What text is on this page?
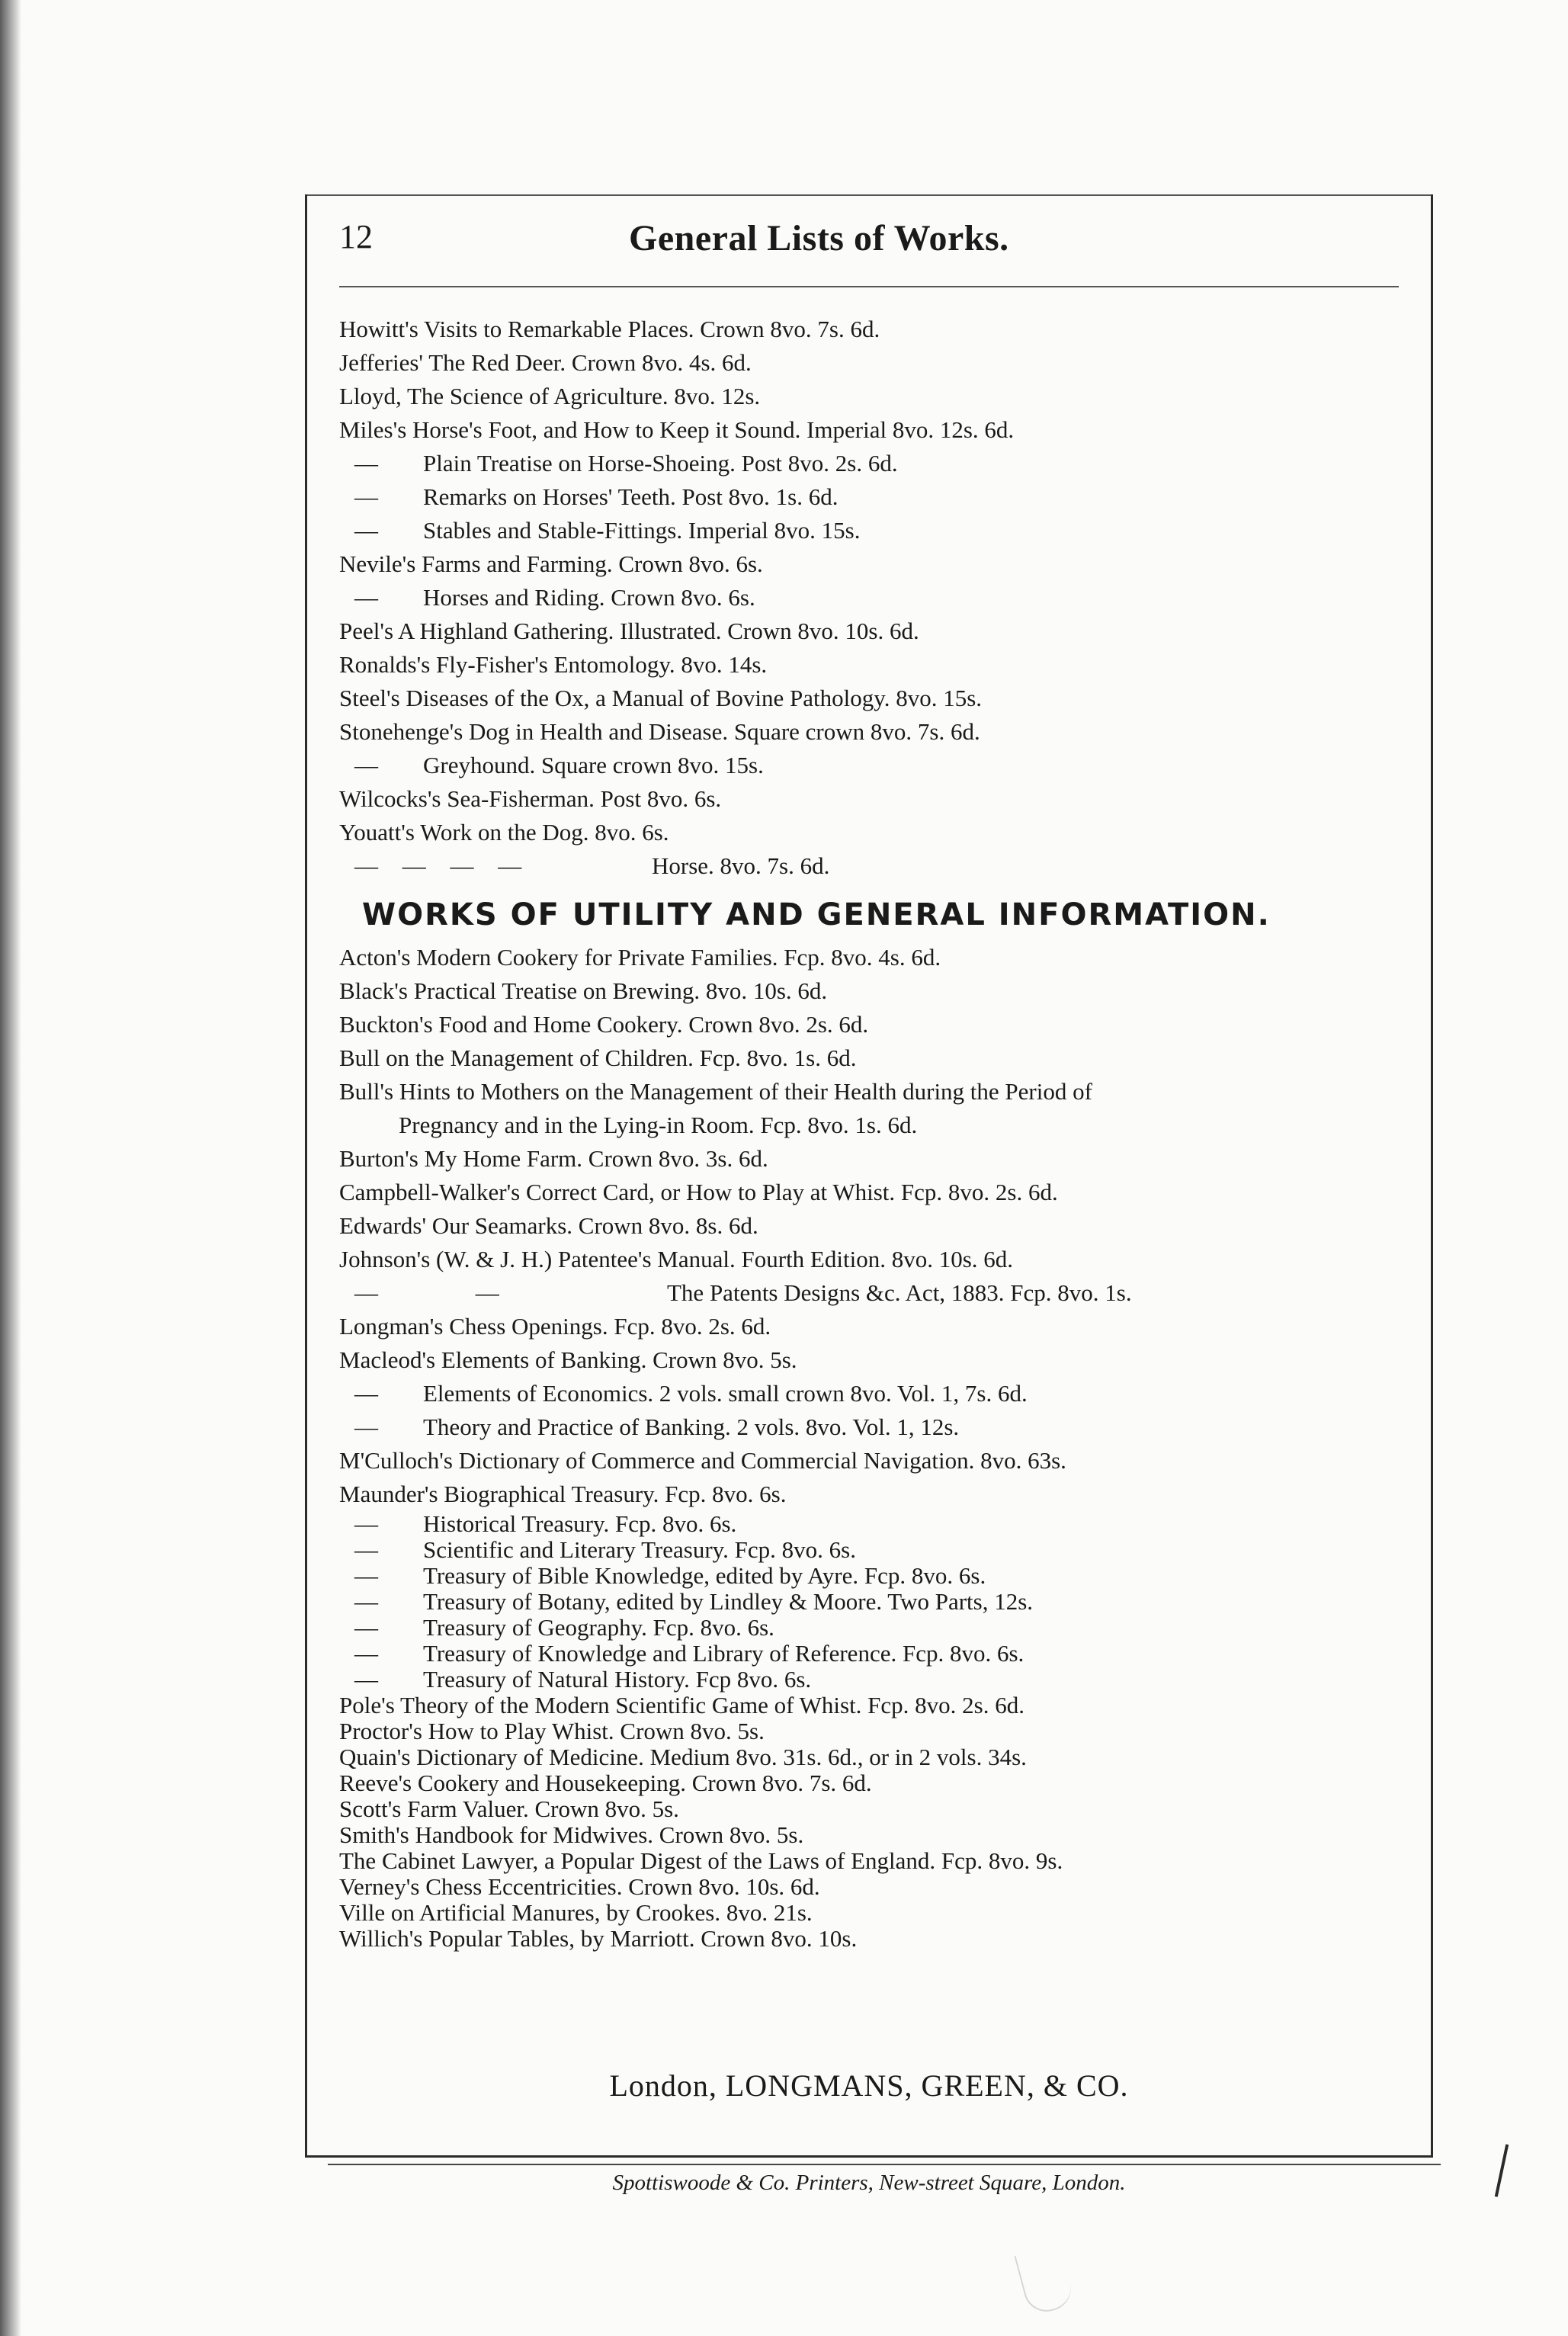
12	General Lists of Works.
Howitt's Visits to Remarkable Places. Crown 8vo. 7s. 6d.
Jefferies' The Red Deer. Crown 8vo. 4s. 6d.
Lloyd, The Science of Agriculture. 8vo. 12s.
Miles's Horse's Foot, and How to Keep it Sound. Imperial 8vo. 12s. 6d.
— Plain Treatise on Horse-Shoeing. Post 8vo. 2s. 6d.
— Remarks on Horses' Teeth. Post 8vo. 1s. 6d.
— Stables and Stable-Fittings. Imperial 8vo. 15s.
Nevile's Farms and Farming. Crown 8vo. 6s.
— Horses and Riding. Crown 8vo. 6s.
Peel's A Highland Gathering. Illustrated. Crown 8vo. 10s. 6d.
Ronalds's Fly-Fisher's Entomology. 8vo. 14s.
Steel's Diseases of the Ox, a Manual of Bovine Pathology. 8vo. 15s.
Stonehenge's Dog in Health and Disease. Square crown 8vo. 7s. 6d.
— Greyhound. Square crown 8vo. 15s.
Wilcocks's Sea-Fisherman. Post 8vo. 6s.
Youatt's Work on the Dog. 8vo. 6s.
— — — —	Horse. 8vo. 7s. 6d.
WORKS OF UTILITY AND GENERAL INFORMATION.
Acton's Modern Cookery for Private Families. Fcp. 8vo. 4s. 6d.
Black's Practical Treatise on Brewing. 8vo. 10s. 6d.
Buckton's Food and Home Cookery. Crown 8vo. 2s. 6d.
Bull on the Management of Children. Fcp. 8vo. 1s. 6d.
Bull's Hints to Mothers on the Management of their Health during the Period of
Pregnancy and in the Lying-in Room. Fcp. 8vo. 1s. 6d.
Burton's My Home Farm. Crown 8vo. 3s. 6d.
Campbell-Walker's Correct Card, or How to Play at Whist. Fcp. 8vo. 2s. 6d.
Edwards' Our Seamarks. Crown 8vo. 8s. 6d.
Johnson's (W. & J. H.) Patentee's Manual. Fourth Edition. 8vo. 10s. 6d.
— —	The Patents Designs &c. Act, 1883. Fcp. 8vo. 1s.
Longman's Chess Openings. Fcp. 8vo. 2s. 6d.
Macleod's Elements of Banking. Crown 8vo. 5s.
— Elements of Economics. 2 vols. small crown 8vo. Vol. 1, 7s. 6d.
— Theory and Practice of Banking. 2 vols. 8vo. Vol. 1, 12s.
M'Culloch's Dictionary of Commerce and Commercial Navigation. 8vo. 63s.
Maunder's Biographical Treasury. Fcp. 8vo. 6s.
— Historical Treasury. Fcp. 8vo. 6s.
— Scientific and Literary Treasury. Fcp. 8vo. 6s.
— Treasury of Bible Knowledge, edited by Ayre. Fcp. 8vo. 6s.
— Treasury of Botany, edited by Lindley & Moore. Two Parts, 12s.
— Treasury of Geography. Fcp. 8vo. 6s.
— Treasury of Knowledge and Library of Reference. Fcp. 8vo. 6s.
— Treasury of Natural History. Fcp 8vo. 6s.
Pole's Theory of the Modern Scientific Game of Whist. Fcp. 8vo. 2s. 6d.
Proctor's How to Play Whist. Crown 8vo. 5s.
Quain's Dictionary of Medicine. Medium 8vo. 31s. 6d., or in 2 vols. 34s.
Reeve's Cookery and Housekeeping. Crown 8vo. 7s. 6d.
Scott's Farm Valuer. Crown 8vo. 5s.
Smith's Handbook for Midwives. Crown 8vo. 5s.
The Cabinet Lawyer, a Popular Digest of the Laws of England. Fcp. 8vo. 9s.
Verney's Chess Eccentricities. Crown 8vo. 10s. 6d.
Ville on Artificial Manures, by Crookes. 8vo. 21s.
Willich's Popular Tables, by Marriott. Crown 8vo. 10s.
London, LONGMANS, GREEN, & CO.
Spottiswoode & Co. Printers, New-street Square, London.
